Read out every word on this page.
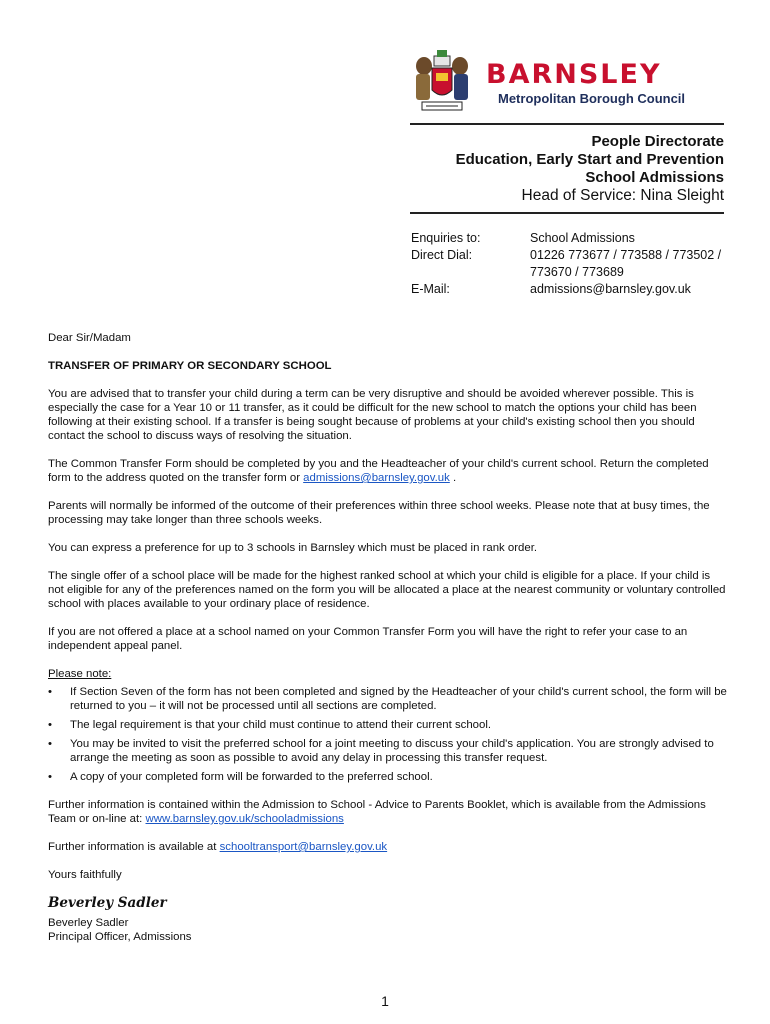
BARNSLEY
Metropolitan Borough Council
People Directorate
Education, Early Start and Prevention
School Admissions
Head of Service: Nina Sleight
Enquiries to:	School Admissions
Direct Dial:	01226 773677 / 773588 / 773502 / 773670 / 773689
E-Mail:	admissions@barnsley.gov.uk

Dear Sir/Madam

TRANSFER OF PRIMARY OR SECONDARY SCHOOL

You are advised that to transfer your child during a term can be very disruptive and should be avoided wherever possible. This is especially the case for a Year 10 or 11 transfer, as it could be difficult for the new school to match the options your child has been following at their existing school. If a transfer is being sought because of problems at your child's existing school then you should contact the school to discuss ways of resolving the situation.

The Common Transfer Form should be completed by you and the Headteacher of your child's current school. Return the completed form to the address quoted on the transfer form or admissions@barnsley.gov.uk .

Parents will normally be informed of the outcome of their preferences within three school weeks. Please note that at busy times, the processing may take longer than three schools weeks.

You can express a preference for up to 3 schools in Barnsley which must be placed in rank order.

The single offer of a school place will be made for the highest ranked school at which your child is eligible for a place. If your child is not eligible for any of the preferences named on the form you will be allocated a place at the nearest community or voluntary controlled school with places available to your ordinary place of residence.

If you are not offered a place at a school named on your Common Transfer Form you will have the right to refer your case to an independent appeal panel.

Please note:

• If Section Seven of the form has not been completed and signed by the Headteacher of your child's current school, the form will be returned to you – it will not be processed until all sections are completed.
• The legal requirement is that your child must continue to attend their current school.
• You may be invited to visit the preferred school for a joint meeting to discuss your child's application. You are strongly advised to arrange the meeting as soon as possible to avoid any delay in processing this transfer request.
• A copy of your completed form will be forwarded to the preferred school.

Further information is contained within the Admission to School - Advice to Parents Booklet, which is available from the Admissions Team or on-line at: www.barnsley.gov.uk/schooladmissions

Further information is available at schooltransport@barnsley.gov.uk

Yours faithfully

Beverley Sadler

Beverley Sadler

Principal Officer, Admissions

1
